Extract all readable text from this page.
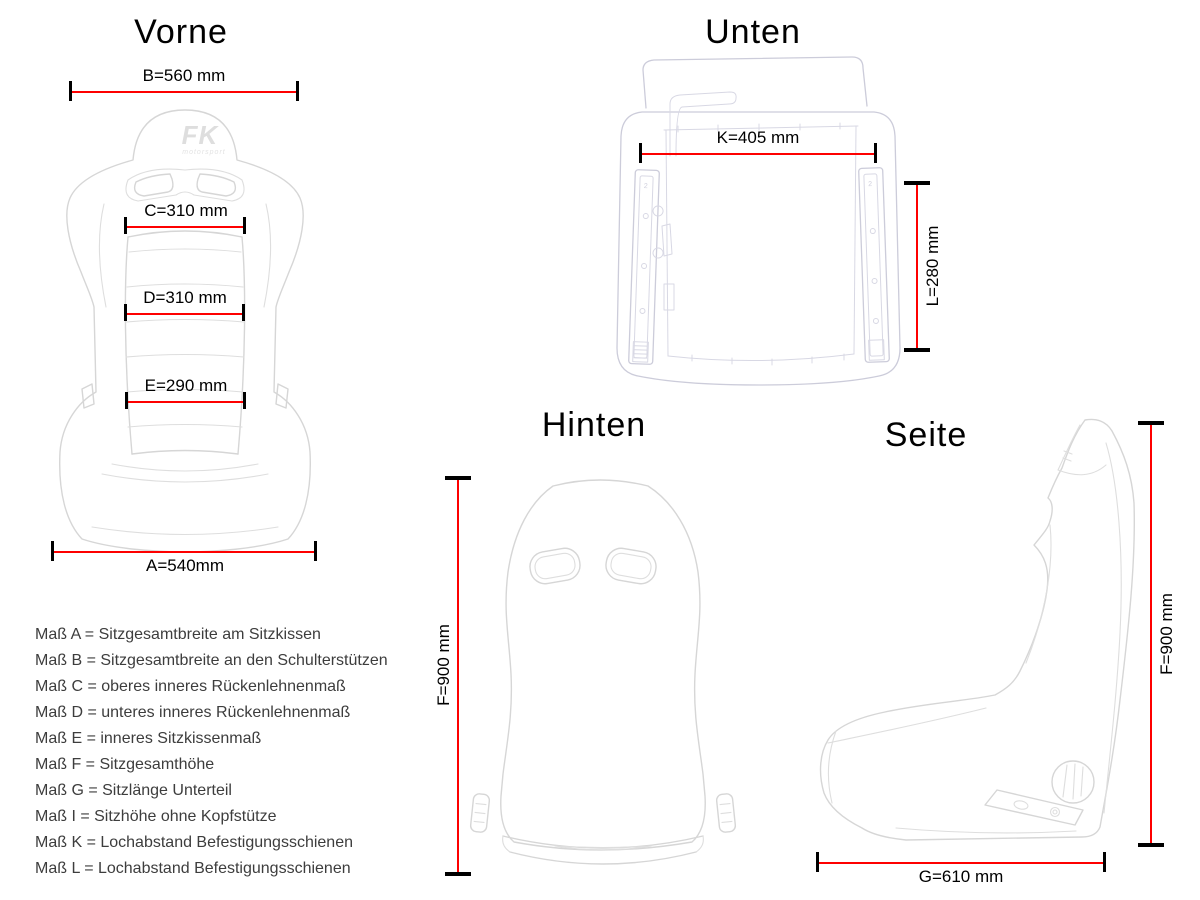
Vorne
FK
motorsport
B=560 mm
C=310 mm
D=310 mm
E=290 mm
A=540mm
Unten
2	2
K=405 mm
L=280 mm
Hinten
F=900 mm
Seite
F=900 mm
G=610 mm
Maß A = Sitzgesamtbreite am Sitzkissen
Maß B = Sitzgesamtbreite an den Schulterstützen
Maß C = oberes inneres Rückenlehnenmaß
Maß D = unteres inneres Rückenlehnenmaß
Maß E = inneres Sitzkissenmaß
Maß F = Sitzgesamthöhe
Maß G = Sitzlänge Unterteil
Maß I = Sitzhöhe ohne Kopfstütze
Maß K = Lochabstand Befestigungsschienen
Maß L = Lochabstand Befestigungsschienen
